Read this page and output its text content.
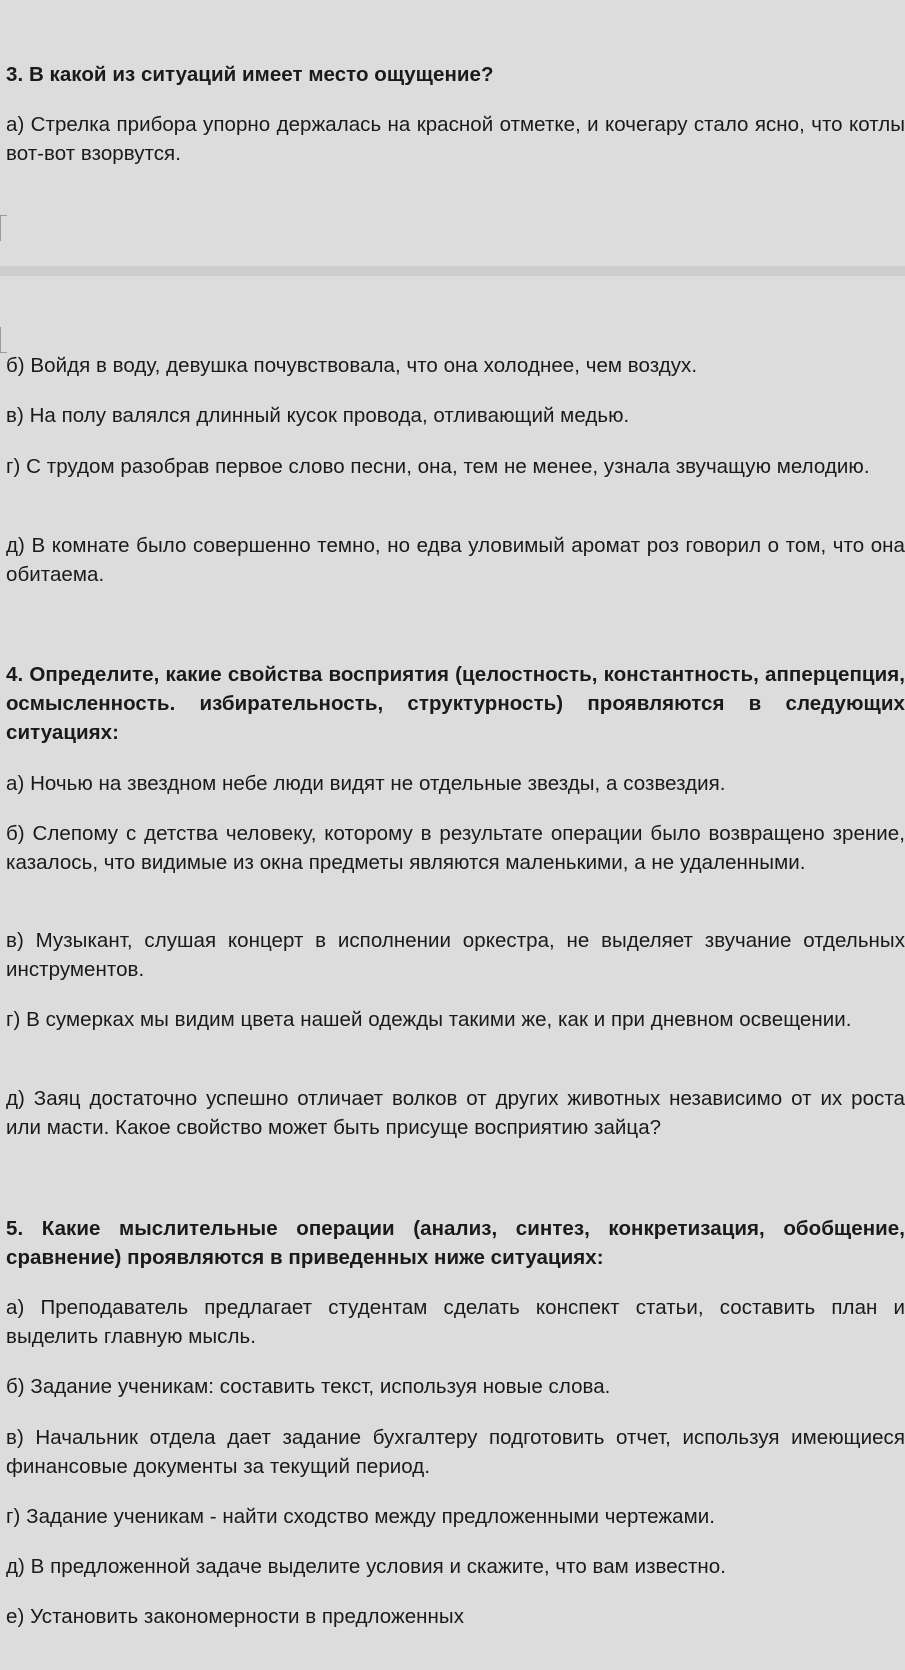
3. В какой из ситуаций имеет место ощущение?

а) Стрелка прибора упорно держалась на красной отметке, и кочегару стало ясно, что котлы вот-вот взорвутся.

б) Войдя в воду, девушка почувствовала, что она холоднее, чем воздух.

в) На полу валялся длинный кусок провода, отливающий медью.

г) С трудом разобрав первое слово песни, она, тем не менее, узнала звучащую мелодию.

д) В комнате было совершенно темно, но едва уловимый аромат роз говорил о том, что она обитаема.

4. Определите, какие свойства восприятия (целостность, константность, апперцепция, осмысленность. избирательность, структурность) проявляются в следующих ситуациях:

а) Ночью на звездном небе люди видят не отдельные звезды, а созвездия.

б) Слепому с детства человеку, которому в результате операции было возвращено зрение, казалось, что видимые из окна предметы являются маленькими, а не удаленными.

в) Музыкант, слушая концерт в исполнении оркестра, не выделяет звучание отдельных инструментов.

г) В сумерках мы видим цвета нашей одежды такими же, как и при дневном освещении.

д) Заяц достаточно успешно отличает волков от других животных независимо от их роста или масти. Какое свойство может быть присуще восприятию зайца?

5. Какие мыслительные операции (анализ, синтез, конкретизация, обобщение, сравнение) проявляются в приведенных ниже ситуациях:

а) Преподаватель предлагает студентам сделать конспект статьи, составить план и выделить главную мысль.

б) Задание ученикам: составить текст, используя новые слова.

в) Начальник отдела дает задание бухгалтеру подготовить отчет, используя имеющиеся финансовые документы за текущий период.

г) Задание ученикам - найти сходство между предложенными чертежами.

д) В предложенной задаче выделите условия и скажите, что вам известно.

е) Установить закономерности в предложенных
